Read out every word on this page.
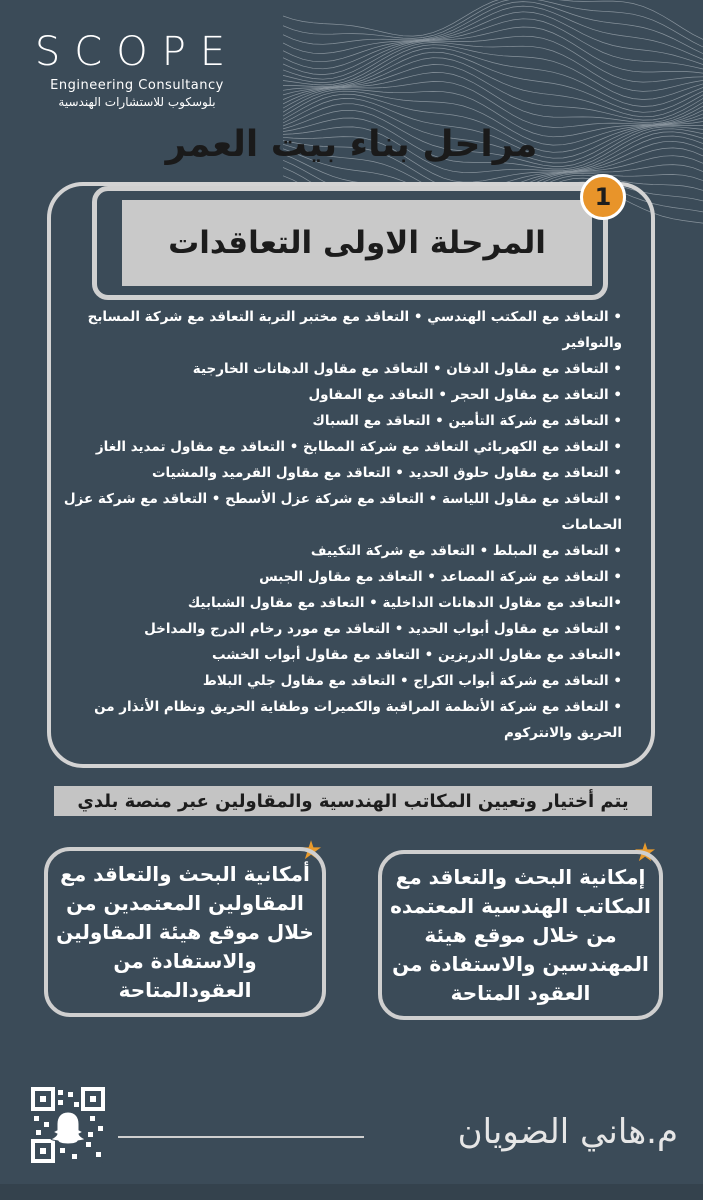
SCOPE
Engineering Consultancy
بلوسكوب للاستشارات الهندسية
مراحل بناء بيت العمر
المرحلة الاولى التعاقدات
1
• التعاقد مع المكتب الهندسي • التعاقد مع مختبر التربة التعاقد مع شركة المسابح والنوافير
• التعاقد مع مقاول الدفان • التعاقد مع مقاول الدهانات الخارجية
• التعاقد مع مقاول الحجر • التعاقد مع المقاول
• التعاقد مع شركة التأمين • التعاقد مع السباك
• التعاقد مع الكهربائي التعاقد مع شركة المطابخ • التعاقد مع مقاول تمديد الغاز
• التعاقد مع مقاول حلوق الحديد • التعاقد مع مقاول القرميد والمشيات
• التعاقد مع مقاول اللياسة • التعاقد مع شركة عزل الأسطح • التعاقد مع شركة عزل الحمامات
• التعاقد مع المبلط • التعاقد مع شركة التكييف
• التعاقد مع شركة المصاعد • التعاقد مع مقاول الجبس
•التعاقد مع مقاول الدهانات الداخلية • التعاقد مع مقاول الشبابيك
• التعاقد مع مقاول أبواب الحديد • التعاقد مع مورد رخام الدرج والمداخل
•التعاقد مع مقاول الدربزين • التعاقد مع مقاول أبواب الخشب
• التعاقد مع شركة أبواب الكراج • التعاقد مع مقاول جلي البلاط
• التعاقد مع شركة الأنظمة المراقبة والكميرات وطفاية الحريق ونظام الأنذار من الحريق والانتركوم
يتم أختيار وتعيين المكاتب الهندسية والمقاولين عبر منصة بلدي
★
أمكانية البحث والتعاقد مع المقاولين المعتمدين من خلال موقع هيئة المقاولين والاستفادة من العقودالمتاحة
★
إمكانية البحث والتعاقد مع المكاتب الهندسية المعتمده من خلال موقع هيئة المهندسين والاستفادة من العقود المتاحة
م.هاني الضويان
